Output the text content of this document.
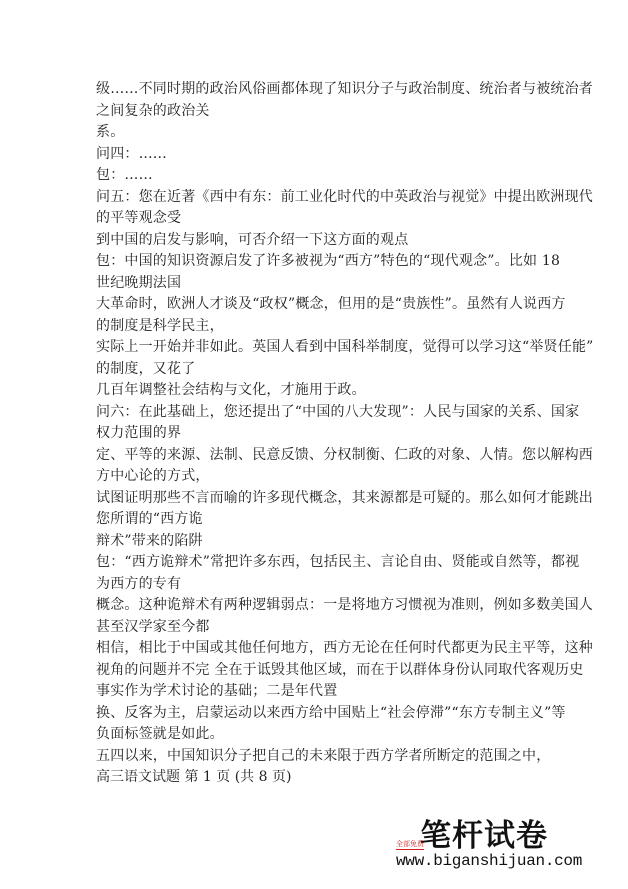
级……不同时期的政治风俗画都体现了知识分子与政治制度、统治者与被统治者
之间复杂的政治关
系。
问四：……
包：……
问五：您在近著《西中有东：前工业化时代的中英政治与视觉》中提出欧洲现代
的平等观念受
到中国的启发与影响，可否介绍一下这方面的观点
包：中国的知识资源启发了许多被视为“西方”特色的“现代观念”。比如 18
世纪晚期法国
大革命时，欧洲人才谈及“政权”概念，但用的是“贵族性”。虽然有人说西方
的制度是科学民主，
实际上一开始并非如此。英国人看到中国科举制度，觉得可以学习这“举贤任能”
的制度，又花了
几百年调整社会结构与文化，才施用于政。
问六：在此基础上，您还提出了“中国的八大发现”：人民与国家的关系、国家
权力范围的界
定、平等的来源、法制、民意反馈、分权制衡、仁政的对象、人情。您以解构西
方中心论的方式，
试图证明那些不言而喻的许多现代概念，其来源都是可疑的。那么如何才能跳出
您所谓的“西方诡
辩术”带来的陷阱
包：“西方诡辩术”常把许多东西，包括民主、言论自由、贤能或自然等，都视
为西方的专有
概念。这种诡辩术有两种逻辑弱点：一是将地方习惯视为准则，例如多数美国人
甚至汉学家至今都
相信，相比于中国或其他任何地方，西方无论在任何时代都更为民主平等，这种
视角的问题并不完 全在于诋毁其他区域，而在于以群体身份认同取代客观历史
事实作为学术讨论的基础；二是年代置
换、反客为主，启蒙运动以来西方给中国贴上“社会停滞”“东方专制主义”等
负面标签就是如此。
五四以来，中国知识分子把自己的未来限于西方学者所断定的范围之中，
高三语文试题 第 1 页 (共 8 页)
全部免费
笔杆试卷
www.biganshijuan.com
